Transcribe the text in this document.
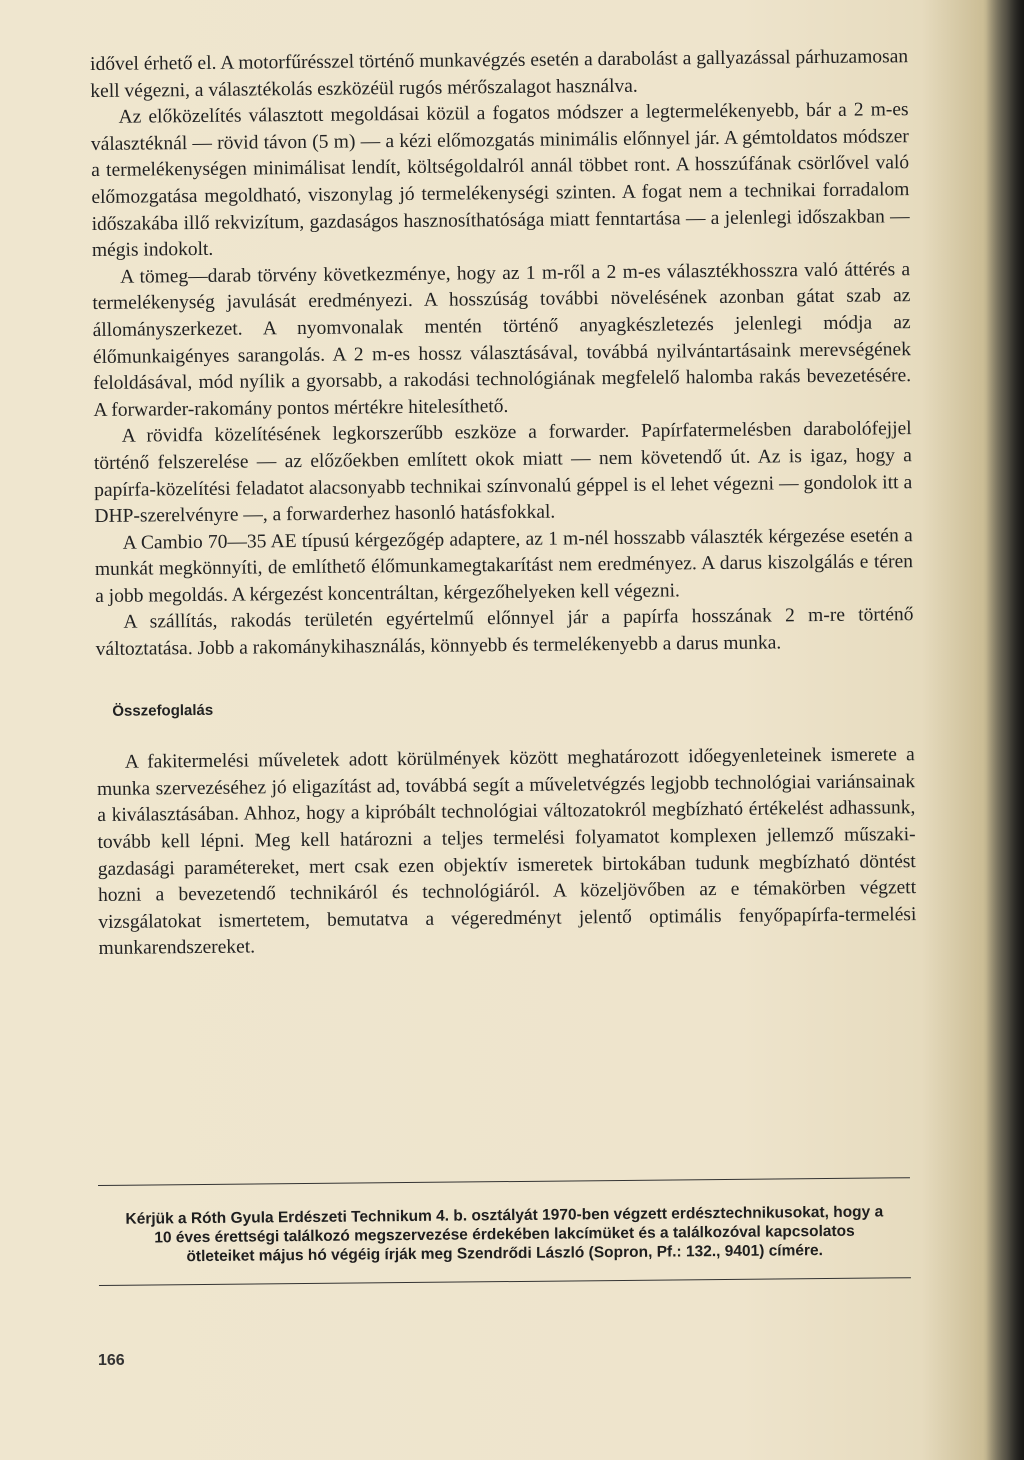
idővel érhető el. A motorfűrésszel történő munkavégzés esetén a darabolást a gallyazással párhuzamosan kell végezni, a választékolás eszközéül rugós mérőszalagot használva.

Az előközelítés választott megoldásai közül a fogatos módszer a legtermelékenyebb, bár a 2 m-es választéknál — rövid távon (5 m) — a kézi előmozgatás minimális előnnyel jár. A gémtoldatos módszer a termelékenységen minimálisat lendít, költségoldalról annál többet ront. A hosszúfának csörlővel való előmozgatása megoldható, viszonylag jó termelékenységi szinten. A fogat nem a technikai forradalom időszakába illő rekvizítum, gazdaságos hasznosíthatósága miatt fenntartása — a jelenlegi időszakban — mégis indokolt.

A tömeg—darab törvény következménye, hogy az 1 m-ről a 2 m-es választékhosszra való áttérés a termelékenység javulását eredményezi. A hosszúság további növelésének azonban gátat szab az állományszerkezet. A nyomvonalak mentén történő anyagkészletezés jelenlegi módja az élőmunkaigényes sarangolás. A 2 m-es hossz választásával, továbbá nyilvántartásaink merevségének feloldásával, mód nyílik a gyorsabb, a rakodási technológiának megfelelő halomba rakás bevezetésére. A forwarder-rakomány pontos mértékre hitelesíthető.

A rövidfa közelítésének legkorszerűbb eszköze a forwarder. Papírfatermelésben darabolófejjel történő felszerelése — az előzőekben említett okok miatt — nem követendő út. Az is igaz, hogy a papírfa-közelítési feladatot alacsonyabb technikai színvonalú géppel is el lehet végezni — gondolok itt a DHP-szerelvényre —, a forwarderhez hasonló hatásfokkal.

A Cambio 70—35 AE típusú kérgezőgép adaptere, az 1 m-nél hosszabb választék kérgezése esetén a munkát megkönnyíti, de említhető élőmunkamegtakarítást nem eredményez. A darus kiszolgálás e téren a jobb megoldás. A kérgezést koncentráltan, kérgezőhelyeken kell végezni.

A szállítás, rakodás területén egyértelmű előnnyel jár a papírfa hosszának 2 m-re történő változtatása. Jobb a rakománykihasználás, könnyebb és termelékenyebb a darus munka.

Összefoglalás

A fakitermelési műveletek adott körülmények között meghatározott időegyenleteinek ismerete a munka szervezéséhez jó eligazítást ad, továbbá segít a műveletvégzés legjobb technológiai variánsainak a kiválasztásában. Ahhoz, hogy a kipróbált technológiai változatokról megbízható értékelést adhassunk, tovább kell lépni. Meg kell határozni a teljes termelési folyamatot komplexen jellemző műszaki-gazdasági paramétereket, mert csak ezen objektív ismeretek birtokában tudunk megbízható döntést hozni a bevezetendő technikáról és technológiáról. A közeljövőben az e témakörben végzett vizsgálatokat ismertetem, bemutatva a végeredményt jelentő optimális fenyőpapírfa-termelési munkarendszereket.

Kérjük a Róth Gyula Erdészeti Technikum 4. b. osztályát 1970-ben végzett erdésztechnikusokat, hogy a 10 éves érettségi találkozó megszervezése érdekében lakcímüket és a találkozóval kapcsolatos ötleteiket május hó végéig írják meg Szendrődi László (Sopron, Pf.: 132., 9401) címére.

166
